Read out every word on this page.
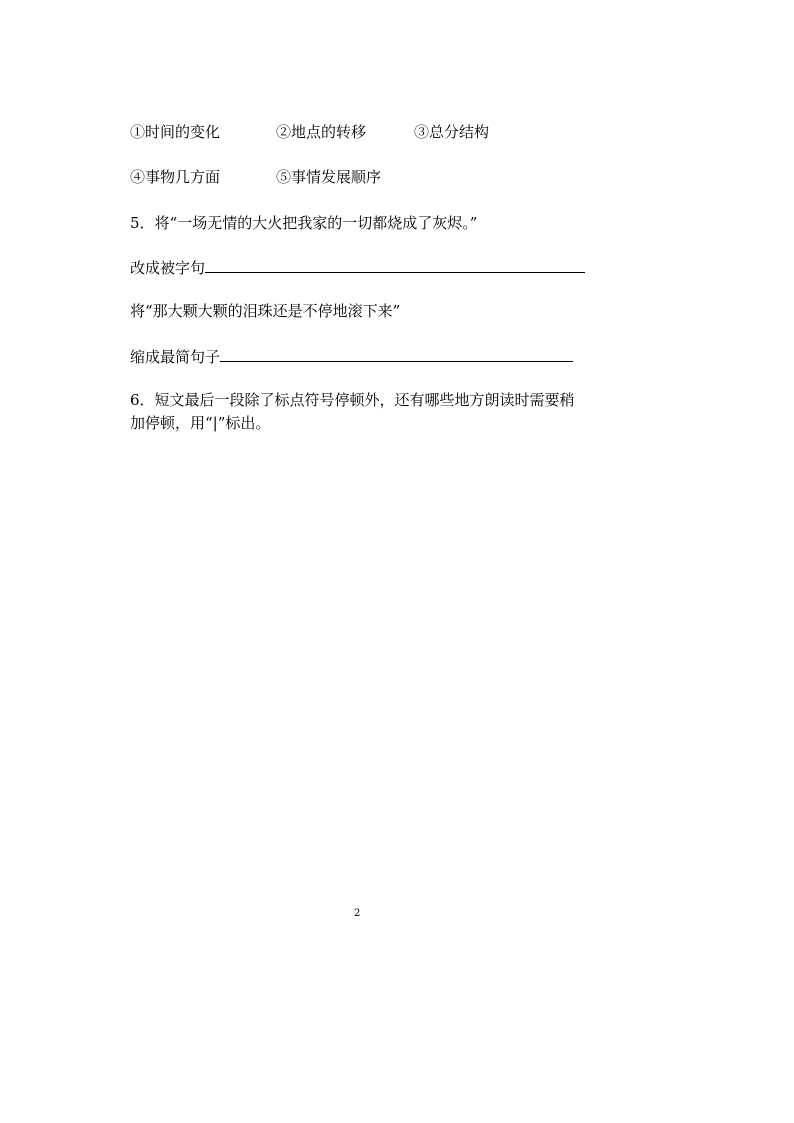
①时间的变化	②地点的转移	③总分结构
④事物几方面	⑤事情发展顺序
5．将“一场无情的大火把我家的一切都烧成了灰烬。”
改成被字句
将“那大颗大颗的泪珠还是不停地滚下来”
缩成最简句子
6．短文最后一段除了标点符号停顿外，还有哪些地方朗读时需要稍
加停顿，用“|”标出。
2
